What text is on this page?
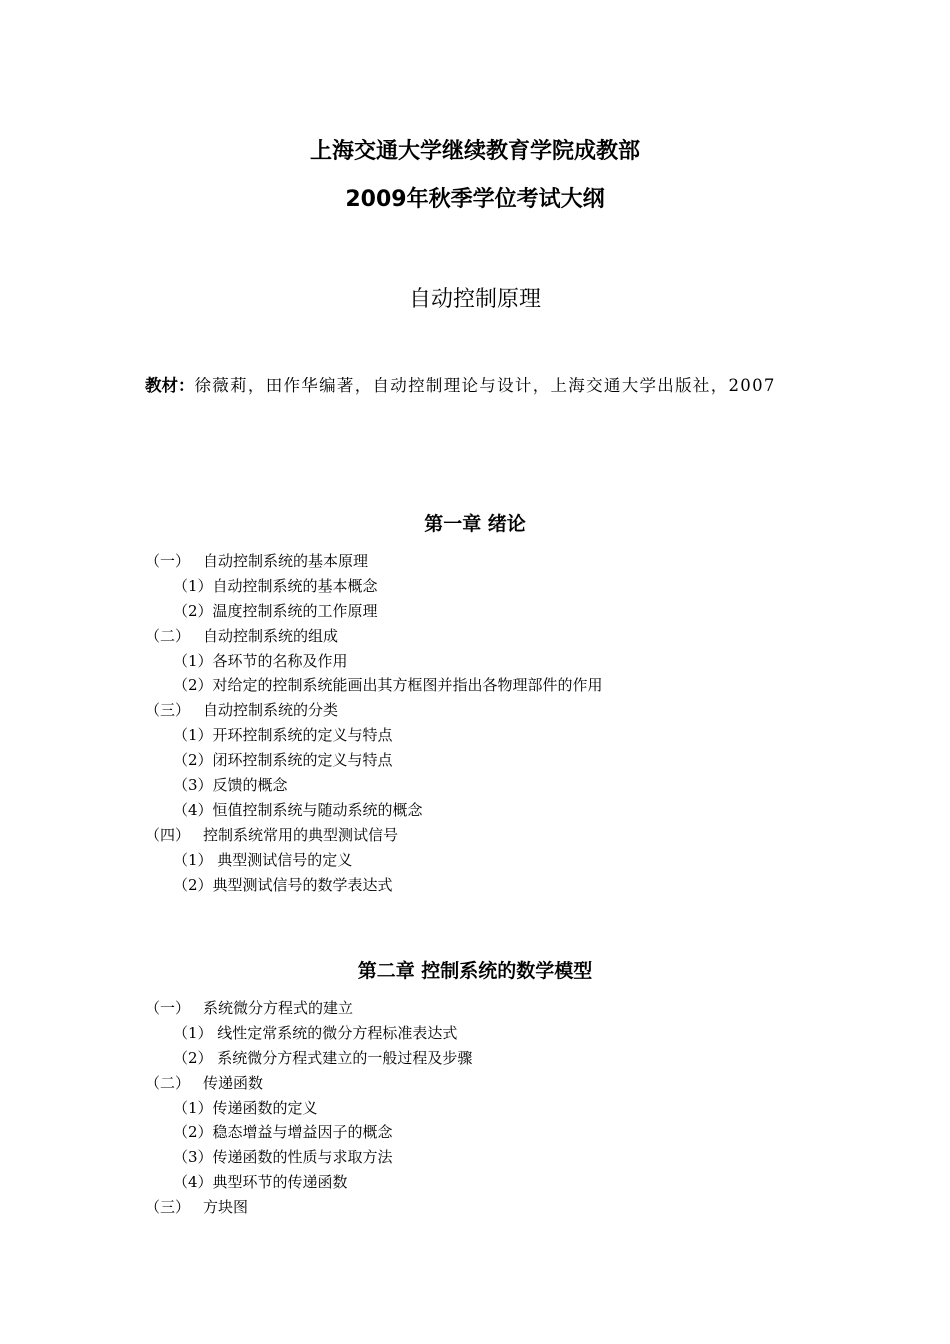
上海交通大学继续教育学院成教部
2009年秋季学位考试大纲
自动控制原理
教材：徐薇莉，田作华编著，自动控制理论与设计，上海交通大学出版社，2007
第一章 绪论
（一） 自动控制系统的基本原理
（1）自动控制系统的基本概念
（2）温度控制系统的工作原理
（二） 自动控制系统的组成
（1）各环节的名称及作用
（2）对给定的控制系统能画出其方框图并指出各物理部件的作用
（三） 自动控制系统的分类
（1）开环控制系统的定义与特点
（2）闭环控制系统的定义与特点
（3）反馈的概念
（4）恒值控制系统与随动系统的概念
（四） 控制系统常用的典型测试信号
（1） 典型测试信号的定义
（2）典型测试信号的数学表达式
第二章 控制系统的数学模型
（一） 系统微分方程式的建立
（1） 线性定常系统的微分方程标准表达式
（2） 系统微分方程式建立的一般过程及步骤
（二） 传递函数
（1）传递函数的定义
（2）稳态增益与增益因子的概念
（3）传递函数的性质与求取方法
（4）典型环节的传递函数
（三） 方块图
